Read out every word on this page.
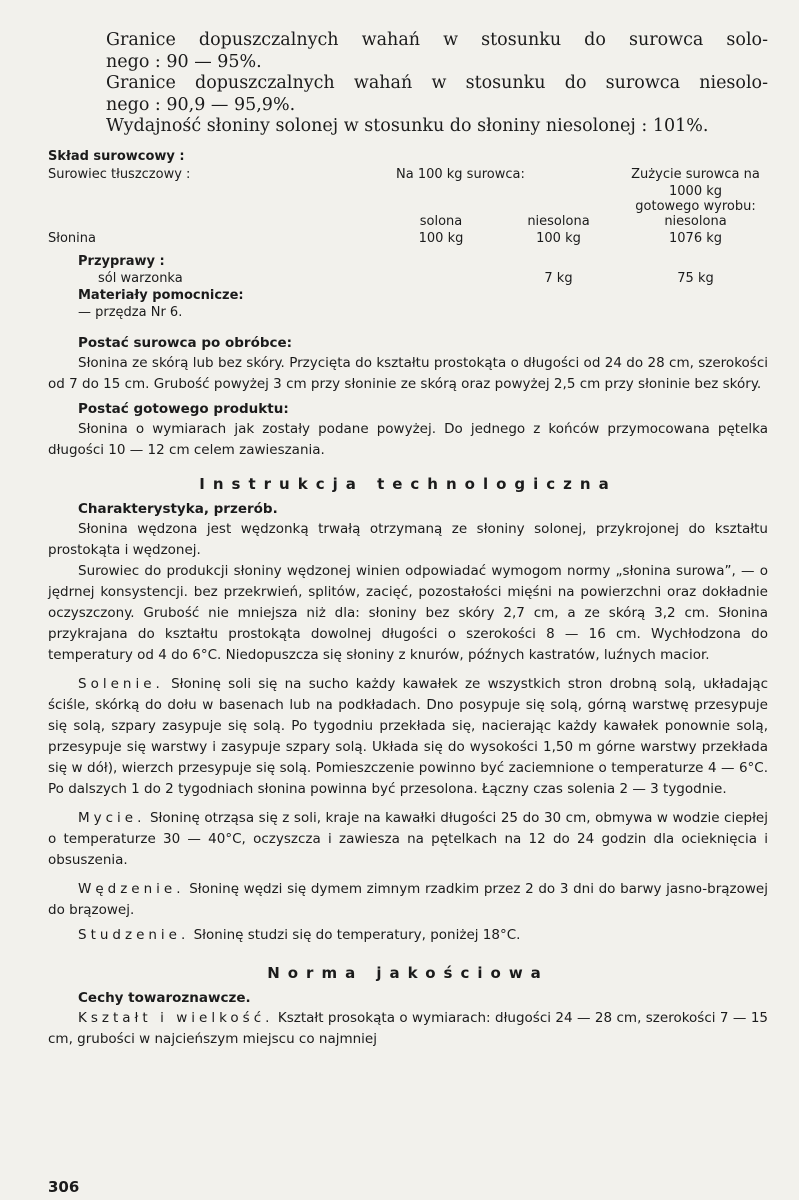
Granice dopuszczalnych wahań w stosunku do surowca solo-

nego : 90 — 95%.

Granice dopuszczalnych wahań w stosunku do surowca niesolo-

nego : 90,9 — 95,9%.

Wydajność słoniny solonej w stosunku do słoniny niesolonej : 101%.

Skład surowcowy :
Surowiec tłuszczowy :	Na 100 kg surowca:		Zużycie surowca na 1000 kg
			gotowego wyrobu:
	solona	niesolona	niesolona
Słonina	100 kg	100 kg	1076 kg

Przyprawy :			
sól warzonka		7 kg	75 kg
Materiały pomocnicze:			
— przędza Nr 6.			
Postać surowca po obróbce:

Słonina ze skórą lub bez skóry. Przycięta do kształtu prostokąta o długości od 24 do 28 cm, szerokości od 7 do 15 cm. Grubość powyżej 3 cm przy słoninie ze skórą oraz powyżej 2,5 cm przy słoninie bez skóry.

Postać gotowego produktu:

Słonina o wymiarach jak zostały podane powyżej. Do jednego z końców przymocowana pętelka długości 10 — 12 cm celem zawieszania.

Instrukcja technologiczna
Charakterystyka, przerób.

Słonina wędzona jest wędzonką trwałą otrzymaną ze słoniny solonej, przykrojonej do kształtu prostokąta i wędzonej.

Surowiec do produkcji słoniny wędzonej winien odpowiadać wymogom normy „słonina surowa”, — o jędrnej konsystencji. bez przekrwień, splitów, zacięć, pozostałości mięśni na powierzchni oraz dokładnie oczyszczony. Grubość nie mniejsza niż dla: słoniny bez skóry 2,7 cm, a ze skórą 3,2 cm. Słonina przykrajana do kształtu prostokąta dowolnej długości o szerokości 8 — 16 cm. Wychłodzona do temperatury od 4 do 6°C. Niedopuszcza się słoniny z knurów, późnych kastratów, luźnych macior.

Solenie. Słoninę soli się na sucho każdy kawałek ze wszystkich stron drobną solą, układając ściśle, skórką do dołu w basenach lub na podkładach. Dno posypuje się solą, górną warstwę przesypuje się solą, szpary zasypuje się solą. Po tygodniu przekłada się, nacierając każdy kawałek ponownie solą, przesypuje się warstwy i zasypuje szpary solą. Układa się do wysokości 1,50 m górne warstwy przekłada się w dół), wierzch przesypuje się solą. Pomieszczenie powinno być zaciemnione o temperaturze 4 — 6°C. Po dalszych 1 do 2 tygodniach słonina powinna być przesolona. Łączny czas solenia 2 — 3 tygodnie.

Mycie. Słoninę otrząsa się z soli, kraje na kawałki długości 25 do 30 cm, obmywa w wodzie ciepłej o temperaturze 30 — 40°C, oczyszcza i zawiesza na pętelkach na 12 do 24 godzin dla ocieknięcia i obsuszenia.

Wędzenie. Słoninę wędzi się dymem zimnym rzadkim przez 2 do 3 dni do barwy jasno-brązowej do brązowej.

Studzenie. Słoninę studzi się do temperatury, poniżej 18°C.

Norma jakościowa
Cechy towaroznawcze.

Kształt i wielkość. Kształt prosokąta o wymiarach: długości 24 — 28 cm, szerokości 7 — 15 cm, grubości w najcieńszym miejscu co najmniej

306
